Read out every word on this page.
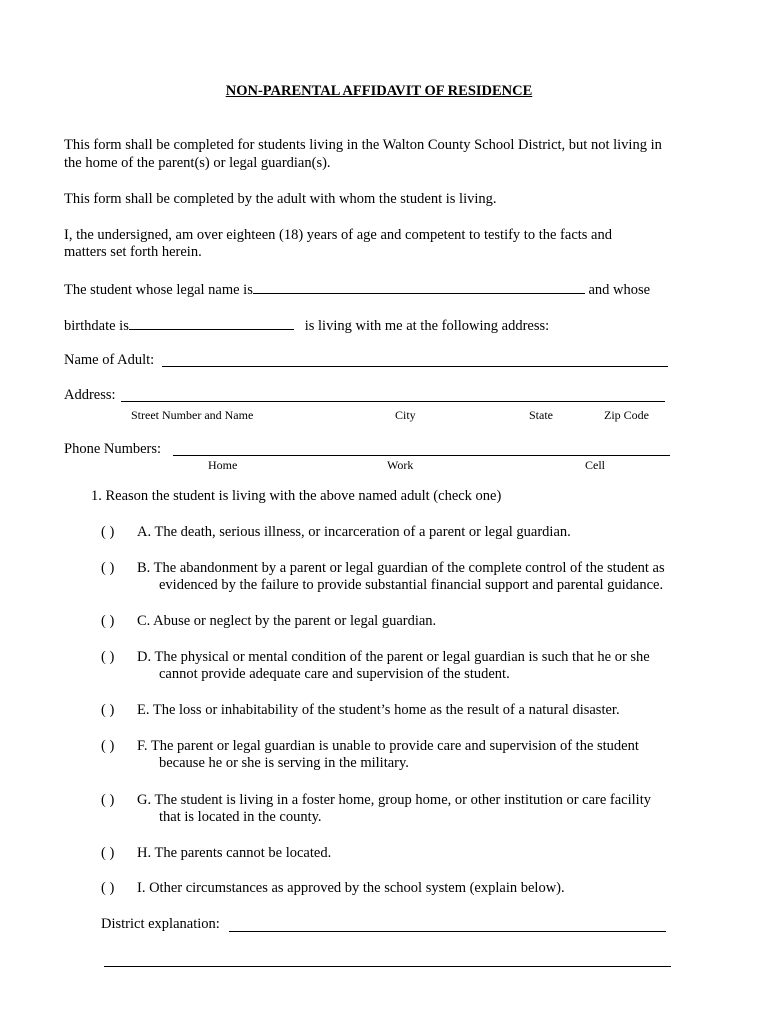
NON-PARENTAL AFFIDAVIT OF RESIDENCE
This form shall be completed for students living in the Walton County School District, but not living in
the home of the parent(s) or legal guardian(s).
This form shall be completed by the adult with whom the student is living.
I, the undersigned, am over eighteen (18) years of age and competent to testify to the facts and
matters set forth herein.
The student whose legal name is	and whose
birthdate is	is living with me at the following address:
Name of Adult:
Address:
Street Number and Name	City	State	Zip Code
Phone Numbers:
Home	Work	Cell
1. Reason the student is living with the above named adult (check one)
( ) A. The death, serious illness, or incarceration of a parent or legal guardian.
( ) B. The abandonment by a parent or legal guardian of the complete control of the student as
evidenced by the failure to provide substantial financial support and parental guidance.
( ) C. Abuse or neglect by the parent or legal guardian.
( ) D. The physical or mental condition of the parent or legal guardian is such that he or she
cannot provide adequate care and supervision of the student.
( ) E. The loss or inhabitability of the student’s home as the result of a natural disaster.
( ) F. The parent or legal guardian is unable to provide care and supervision of the student
because he or she is serving in the military.
( ) G. The student is living in a foster home, group home, or other institution or care facility
that is located in the county.
( ) H. The parents cannot be located.
( ) I. Other circumstances as approved by the school system (explain below).
District explanation:
